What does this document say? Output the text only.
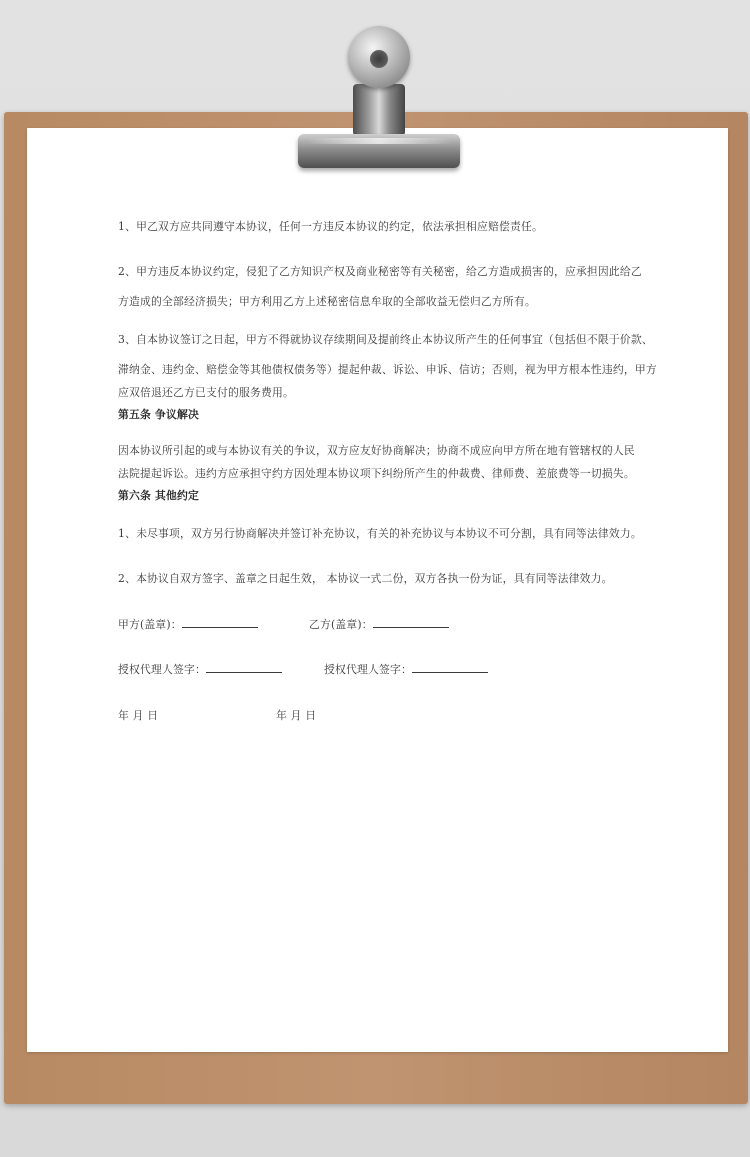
1、甲乙双方应共同遵守本协议，任何一方违反本协议的约定，依法承担相应赔偿责任。
2、甲方违反本协议约定，侵犯了乙方知识产权及商业秘密等有关秘密，给乙方造成损害的，应承担因此给乙
方造成的全部经济损失；甲方利用乙方上述秘密信息牟取的全部收益无偿归乙方所有。
3、自本协议签订之日起，甲方不得就协议存续期间及提前终止本协议所产生的任何事宜（包括但不限于价款、
滞纳金、违约金、赔偿金等其他债权债务等）提起仲裁、诉讼、申诉、信访；否则，视为甲方根本性违约，甲方
应双倍退还乙方已支付的服务费用。
第五条 争议解决
因本协议所引起的或与本协议有关的争议，双方应友好协商解决；协商不成应向甲方所在地有管辖权的人民
法院提起诉讼。违约方应承担守约方因处理本协议项下纠纷所产生的仲裁费、律师费、差旅费等一切损失。
第六条 其他约定
1、未尽事项，双方另行协商解决并签订补充协议，有关的补充协议与本协议不可分割，具有同等法律效力。
2、本协议自双方签字、盖章之日起生效， 本协议一式二份，双方各执一份为证，具有同等法律效力。
甲方(盖章)：	乙方(盖章)：
授权代理人签字：	授权代理人签字：
年 月 日	年 月 日
